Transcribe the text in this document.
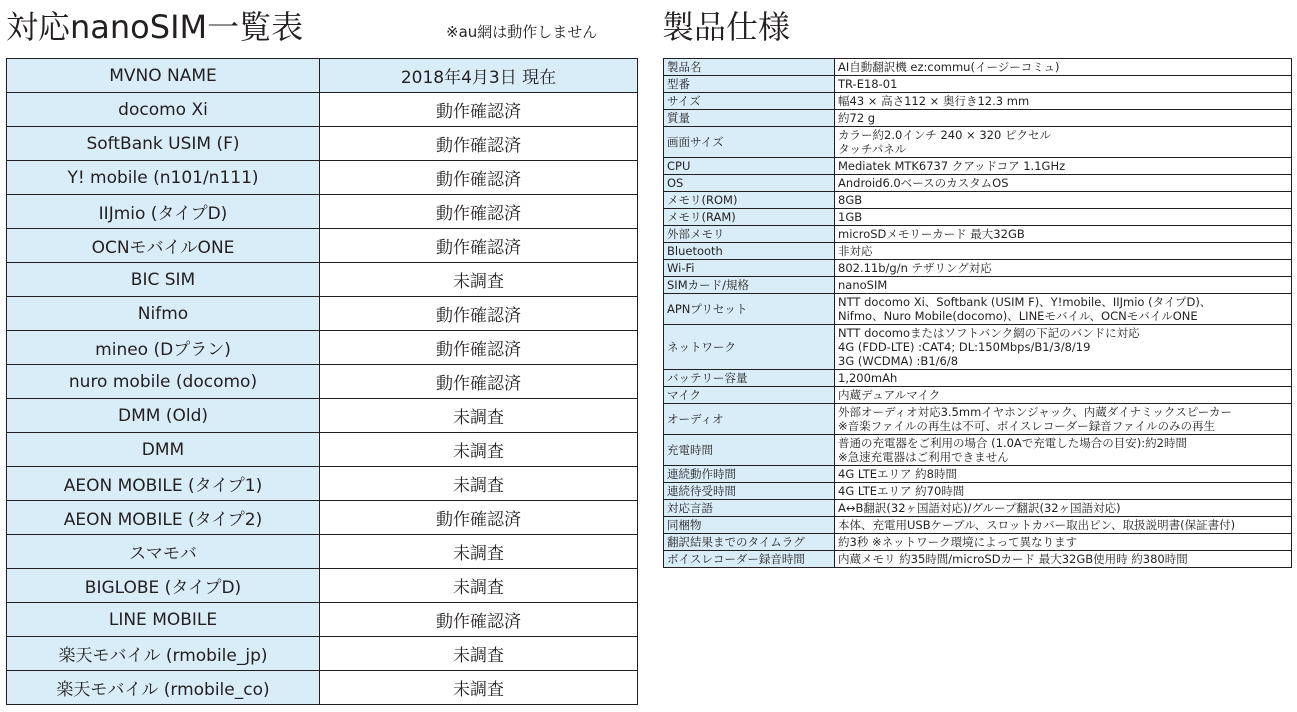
対応nanoSIM一覧表	※au網は動作しません 製品仕様
MVNO NAME	2018年4月3日 現在
docomo Xi	動作確認済
SoftBank USIM (F)	動作確認済
Y! mobile (n101/n111)	動作確認済
IIJmio (タイプD)	動作確認済
OCNモバイルONE	動作確認済
BIC SIM	未調査
Nifmo	動作確認済
mineo (Dプラン)	動作確認済
nuro mobile (docomo)	動作確認済
DMM (Old)	未調査
DMM	未調査
AEON MOBILE (タイプ1)	未調査
AEON MOBILE (タイプ2)	動作確認済
スマモバ	未調査
BIGLOBE (タイプD)	未調査
LINE MOBILE	動作確認済
楽天モバイル (rmobile_jp)	未調査
楽天モバイル (rmobile_co)	未調査
製品名	AI自動翻訳機 ez:commu(イージーコミュ)

型番	TR-E18-01

サイズ	幅43 × 高さ112 × 奥行き12.3 mm

質量	約72 g

画面サイズ	カラー約2.0インチ 240 × 320 ピクセル
タッチパネル

CPU	Mediatek MTK6737 クアッドコア 1.1GHz

OS	Android6.0ベースのカスタムOS

メモリ(ROM)	8GB

メモリ(RAM)	1GB

外部メモリ	microSDメモリーカード 最大32GB

Bluetooth	非対応

Wi-Fi	802.11b/g/n テザリング対応

SIMカード/規格	nanoSIM

APNプリセット	NTT docomo Xi、Softbank (USIM F)、Y!mobile、IIJmio (タイプD)、
Nifmo、Nuro Mobile(docomo)、LINEモバイル、OCNモバイルONE

ネットワーク	NTT docomoまたはソフトバンク網の下記のバンドに対応
4G (FDD-LTE) :CAT4; DL:150Mbps/B1/3/8/19
3G (WCDMA) :B1/6/8

バッテリー容量	1,200mAh

マイク	内蔵デュアルマイク

オーディオ	外部オーディオ対応3.5mmイヤホンジャック、内蔵ダイナミックスピーカー
※音楽ファイルの再生は不可、ボイスレコーダー録音ファイルのみの再生

充電時間	普通の充電器をご利用の場合 (1.0Aで充電した場合の目安):約2時間
※急速充電器はご利用できません

連続動作時間	4G LTEエリア 約8時間

連続待受時間	4G LTEエリア 約70時間

対応言語	A↔B翻訳(32ヶ国語対応)/グループ翻訳(32ヶ国語対応)

同梱物	本体、充電用USBケーブル、スロットカバー取出ピン、取扱説明書(保証書付)

翻訳結果までのタイムラグ	約3秒 ※ネットワーク環境によって異なります

ボイスレコーダー録音時間	内蔵メモリ 約35時間/microSDカード 最大32GB使用時 約380時間
